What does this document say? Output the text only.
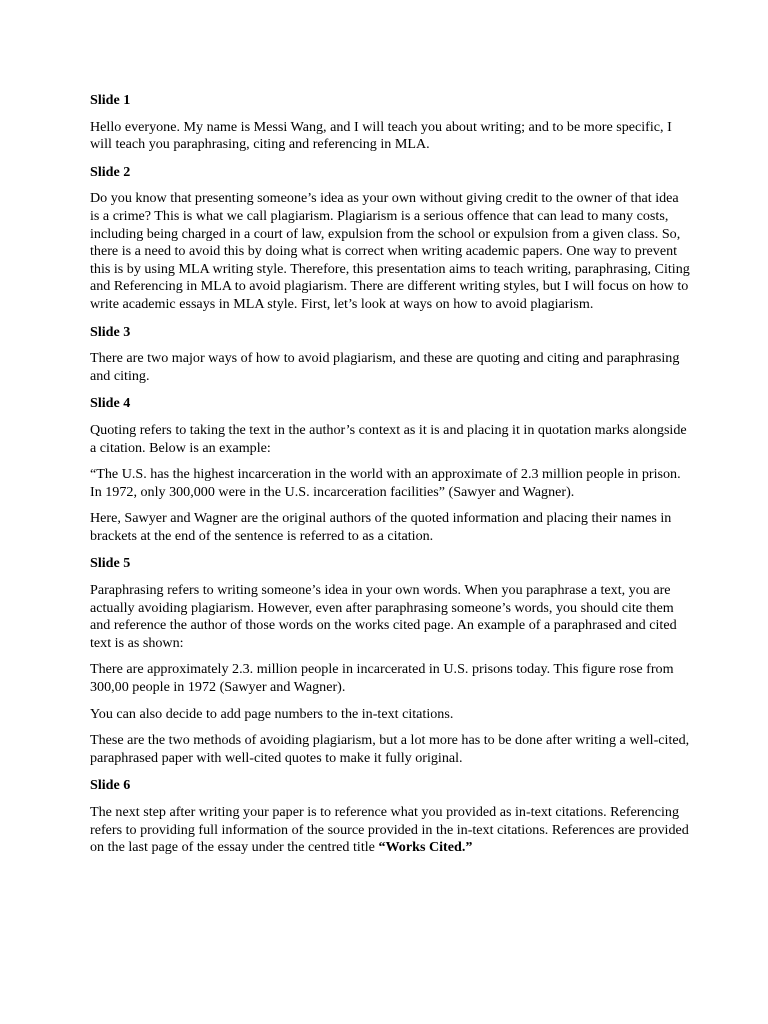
Slide 1

Hello everyone. My name is Messi Wang, and I will teach you about writing; and to be more specific, I will teach you paraphrasing, citing and referencing in MLA.

Slide 2

Do you know that presenting someone’s idea as your own without giving credit to the owner of that idea is a crime? This is what we call plagiarism. Plagiarism is a serious offence that can lead to many costs, including being charged in a court of law, expulsion from the school or expulsion from a given class. So, there is a need to avoid this by doing what is correct when writing academic papers. One way to prevent this is by using MLA writing style. Therefore, this presentation aims to teach writing, paraphrasing, Citing and Referencing in MLA to avoid plagiarism. There are different writing styles, but I will focus on how to write academic essays in MLA style. First, let’s look at ways on how to avoid plagiarism.

Slide 3

There are two major ways of how to avoid plagiarism, and these are quoting and citing and paraphrasing and citing.

Slide 4

Quoting refers to taking the text in the author’s context as it is and placing it in quotation marks alongside a citation. Below is an example:

“The U.S. has the highest incarceration in the world with an approximate of 2.3 million people in prison. In 1972, only 300,000 were in the U.S. incarceration facilities” (Sawyer and Wagner).

Here, Sawyer and Wagner are the original authors of the quoted information and placing their names in brackets at the end of the sentence is referred to as a citation.

Slide 5

Paraphrasing refers to writing someone’s idea in your own words. When you paraphrase a text, you are actually avoiding plagiarism. However, even after paraphrasing someone’s words, you should cite them and reference the author of those words on the works cited page. An example of a paraphrased and cited text is as shown:

There are approximately 2.3. million people in incarcerated in U.S. prisons today. This figure rose from 300,00 people in 1972 (Sawyer and Wagner).

You can also decide to add page numbers to the in-text citations.

These are the two methods of avoiding plagiarism, but a lot more has to be done after writing a well-cited, paraphrased paper with well-cited quotes to make it fully original.

Slide 6

The next step after writing your paper is to reference what you provided as in-text citations. Referencing refers to providing full information of the source provided in the in-text citations. References are provided on the last page of the essay under the centred title “Works Cited.”
